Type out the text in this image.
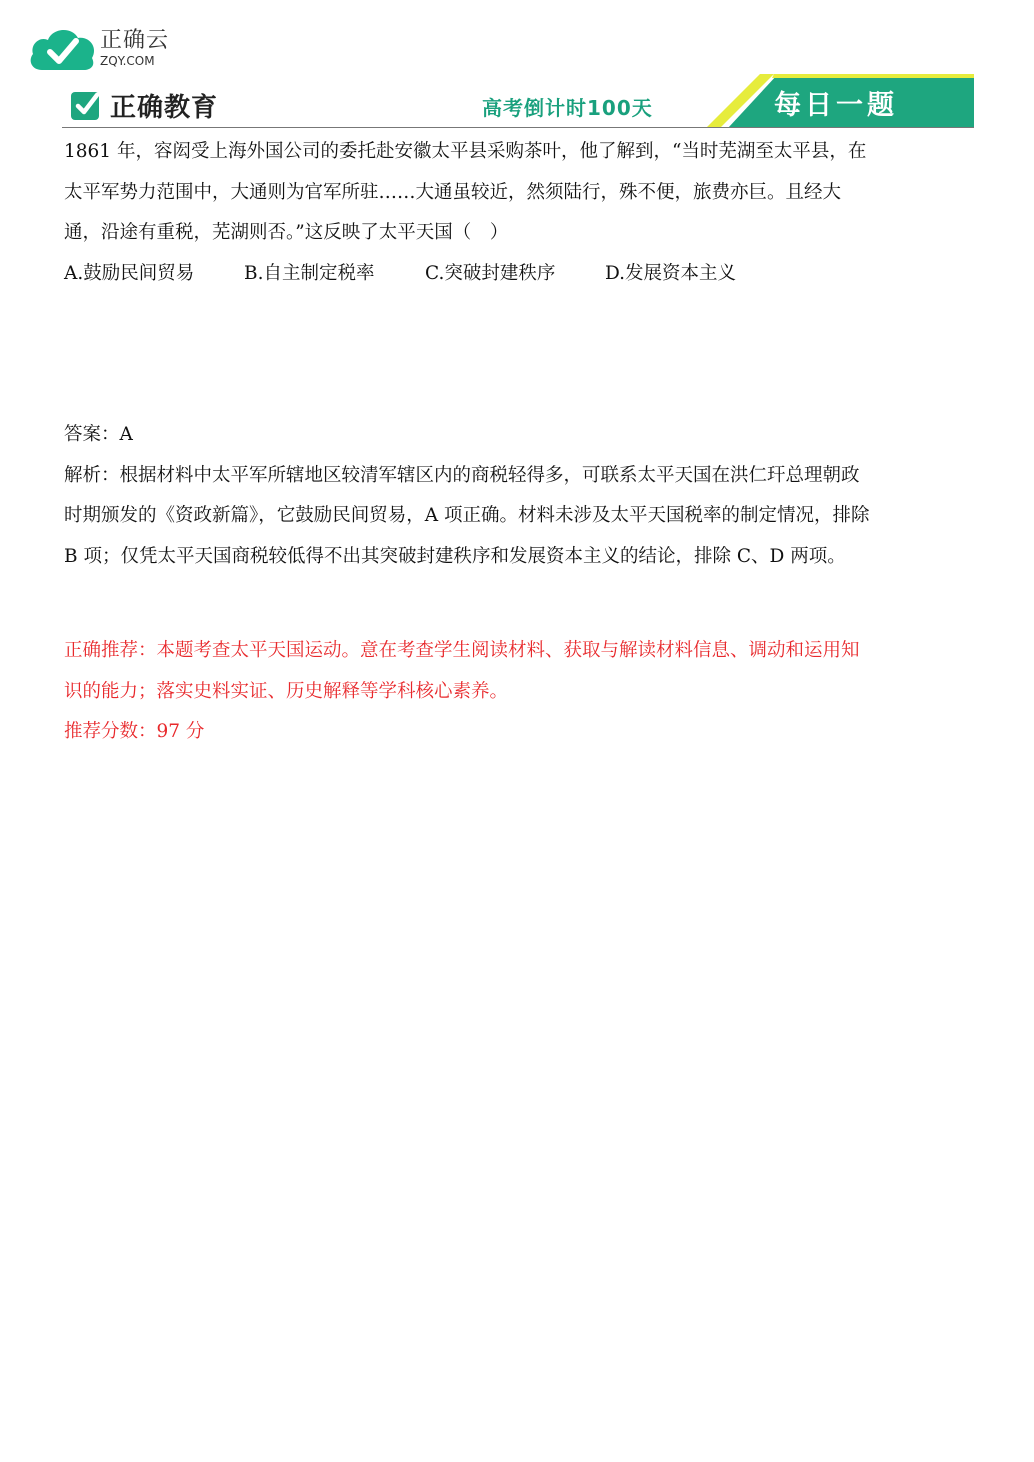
正确云
ZQY.COM
正确教育	高考倒计时100天	每日一题
1861 年，容闳受上海外国公司的委托赴安徽太平县采购茶叶，他了解到，“当时芜湖至太平县，在
太平军势力范围中，大通则为官军所驻……大通虽较近，然须陆行，殊不便，旅费亦巨。且经大
通，沿途有重税，芜湖则否。”这反映了太平天国（　）
A.鼓励民间贸易	B.自主制定税率	C.突破封建秩序	D.发展资本主义
答案：A
解析：根据材料中太平军所辖地区较清军辖区内的商税轻得多，可联系太平天国在洪仁玕总理朝政
时期颁发的《资政新篇》，它鼓励民间贸易，A 项正确。材料未涉及太平天国税率的制定情况，排除
B 项；仅凭太平天国商税较低得不出其突破封建秩序和发展资本主义的结论，排除 C、D 两项。
正确推荐：本题考查太平天国运动。意在考查学生阅读材料、获取与解读材料信息、调动和运用知
识的能力；落实史料实证、历史解释等学科核心素养。
推荐分数：97 分
